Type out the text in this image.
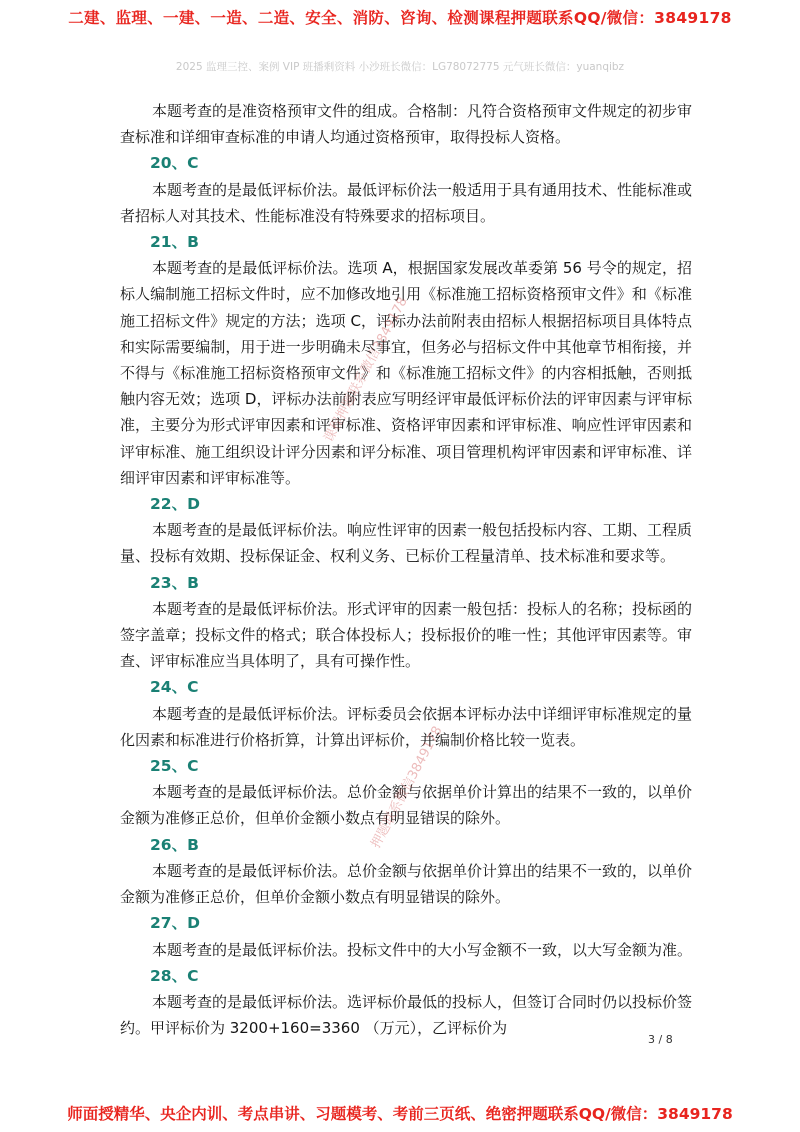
二建、监理、一建、一造、二造、安全、消防、咨询、检测课程押题联系QQ/微信：3849178
2025 监理三控、案例 VIP 班播剩资料 小沙班长微信：LG78072775 元气班长微信：yuanqibz

本题考查的是准资格预审文件的组成。合格制：凡符合资格预审文件规定的初步审查标准和详细审查标准的申请人均通过资格预审，取得投标人资格。

20、C

本题考查的是最低评标价法。最低评标价法一般适用于具有通用技术、性能标准或者招标人对其技术、性能标准没有特殊要求的招标项目。

21、B

本题考查的是最低评标价法。选项 A，根据国家发展改革委第 56 号令的规定，招标人编制施工招标文件时，应不加修改地引用《标准施工招标资格预审文件》和《标准施工招标文件》规定的方法；选项 C，评标办法前附表由招标人根据招标项目具体特点和实际需要编制，用于进一步明确未尽事宜，但务必与招标文件中其他章节相衔接，并不得与《标准施工招标资格预审文件》和《标准施工招标文件》的内容相抵触，否则抵触内容无效；选项 D，评标办法前附表应写明经评审最低评标价法的评审因素与评审标准，主要分为形式评审因素和评审标准、资格评审因素和评审标准、响应性评审因素和评审标准、施工组织设计评分因素和评分标准、项目管理机构评审因素和评审标准、详细评审因素和评审标准等。

22、D

本题考查的是最低评标价法。响应性评审的因素一般包括投标内容、工期、工程质量、投标有效期、投标保证金、权利义务、已标价工程量清单、技术标准和要求等。

23、B

本题考查的是最低评标价法。形式评审的因素一般包括：投标人的名称；投标函的签字盖章；投标文件的格式；联合体投标人；投标报价的唯一性；其他评审因素等。审查、评审标准应当具体明了，具有可操作性。

24、C

本题考查的是最低评标价法。评标委员会依据本评标办法中详细评审标准规定的量化因素和标准进行价格折算，计算出评标价，并编制价格比较一览表。

25、C

本题考查的是最低评标价法。总价金额与依据单价计算出的结果不一致的，以单价金额为准修正总价，但单价金额小数点有明显错误的除外。

26、B

本题考查的是最低评标价法。总价金额与依据单价计算出的结果不一致的，以单价金额为准修正总价，但单价金额小数点有明显错误的除外。

27、D

本题考查的是最低评标价法。投标文件中的大小写金额不一致，以大写金额为准。

28、C

本题考查的是最低评标价法。选评标价最低的投标人，但签订合同时仍以投标价签约。甲评标价为 3200+160=3360 （万元），乙评标价为

课程押题联系微信3849178
押题联系微信3849178
3 / 8
师面授精华、央企内训、考点串讲、习题模考、考前三页纸、绝密押题联系QQ/微信：3849178
